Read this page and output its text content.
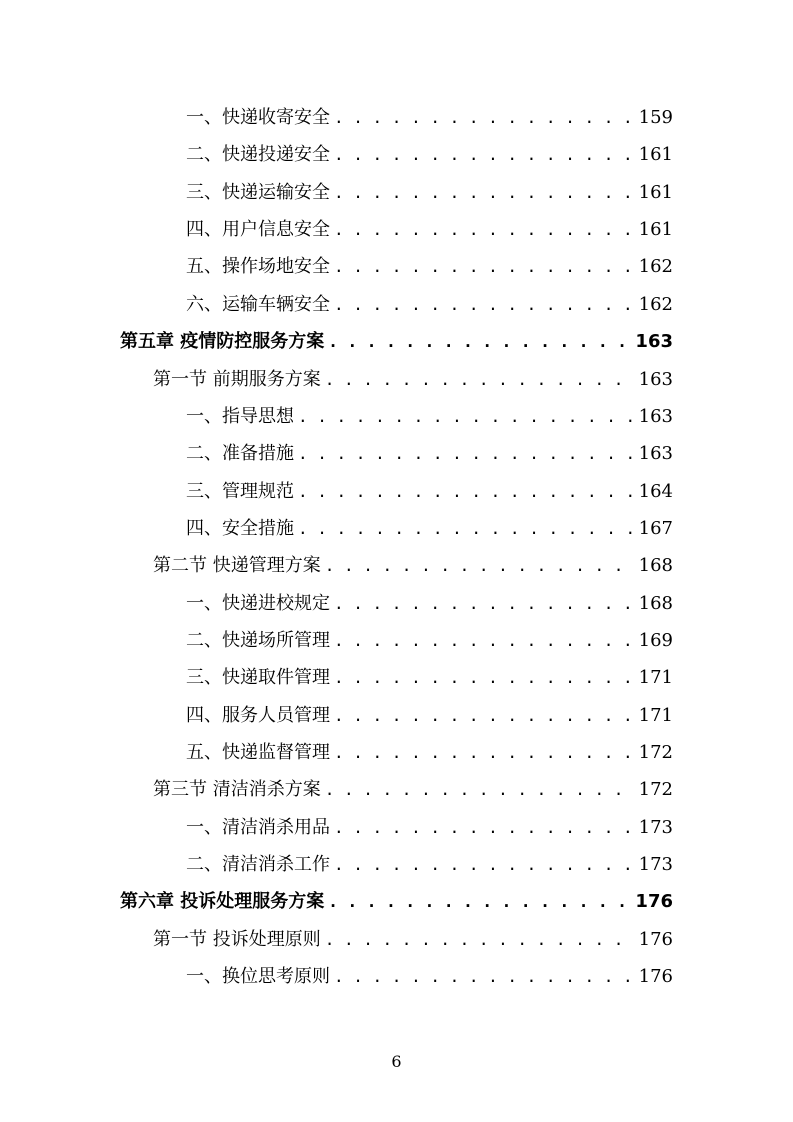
一、快递收寄安全 . . .	159
二、快递投递安全 . . .	161
三、快递运输安全 . . .	161
四、用户信息安全 . . .	161
五、操作场地安全 . . .	162
六、运输车辆安全 . . .	162
第五章 疫情防控服务方案 . . .	163
第一节 前期服务方案 . . .	163
一、指导思想 . . .	163
二、准备措施 . . .	163
三、管理规范 . . .	164
四、安全措施 . . .	167
第二节 快递管理方案 . . .	168
一、快递进校规定 . . .	168
二、快递场所管理 . . .	169
三、快递取件管理 . . .	171
四、服务人员管理 . . .	171
五、快递监督管理 . . .	172
第三节 清洁消杀方案 . . .	172
一、清洁消杀用品 . . .	173
二、清洁消杀工作 . . .	173
第六章 投诉处理服务方案 . . .	176
第一节 投诉处理原则 . . .	176
一、换位思考原则 . . .	176
6
